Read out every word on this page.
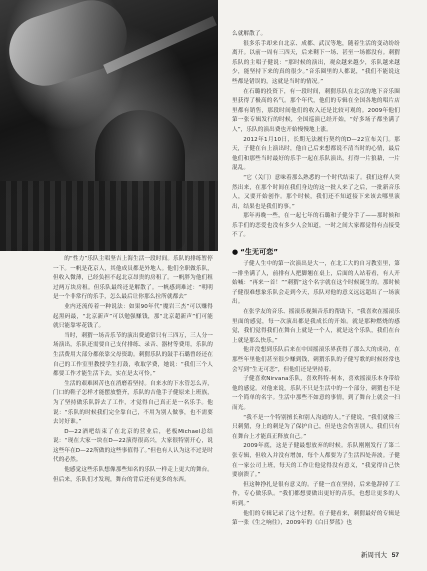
的“性力”乐队主唱坚吉上海生活一段时间。乐队的排练暂停一下。一帆是花京人，其他成员都是外地人。他们全职做乐队，但收入微薄，已经负担不起北京昂贵的房租了。一帆胖为他们租过两万块房租。但乐队最终还是解散了。一帆感到难过：“明明是一个非常行的乐手，怎么最后让你那么拉所就都去”

业内还流传着一种说法：如果90年代“魔岩三杰”可以赚得起黑码最，“北京新声”可以勉强赚钱，那“北京超新声”们可能就只能靠零花钱了。

当时，刺猬一场音乐节的演出费通常只有三四万，三人分一场演出，乐队还需要自己支付排练、录音、器材等费用，乐队的生活费用大部分都依靠父母资助。刺猬乐队的鼓手石璐曾经还在自己的工作室里教授学生打鼓，收取学费，她说：“我们三个人都要工作才能生活下去，实在是太可怜。”

生活的艰难困苦也在消磨着坚持。自来水的下水管怎么弄，门口的鞋子怎样才能摆放整齐，乐队的吉他手子健原来上班族，为了坚持做乐队辞去了工作，才觉得自己真正是一名乐手。他说：“乐队的时候我们完全靠自己，不用为别人做事，也不需要去讨好谁。”

D—22酒吧结束了在北京的营业后，老板Michael总结说：“现在大家一块在D—22演得很高兴，大家很特别开心，说这些年在D—22所做的这些事值得了。”但也有人认为这不过是时代的必然。

他感觉这些乐队想像那些知名的乐队一样走上更大的舞台。但后来，乐队们才发现，舞台的背后还有更多的东西。

么就解散了。

很多乐手却来自北京、成都、武汉等地，随着生活的变动纷纷离开。以前一周有三四天，后来剩下一场、甚至一场都没有。刺猬乐队的主唱子健说：“那时候的演出，观众越来越少，乐队越来越少，能坚持下来的真的很少。”音乐圈里的人都说，“我们不能说这些都是错误的，这就是当时的情况。”

在石璐的投资下，有一段时间，刺猬乐队在北京的地下音乐圈里获得了极高的名气。那个年代，他们的专辑在全国各地的唱片店里都有销售，那段时间他们的收入还是比较可观的。2009年他们第一张专辑发行的时候，全国巡演已经开始，“好多场子都坐满了人”，乐队的演出费也开始慢慢地上涨。

2012年1月10日，长期无法履行契约的D—22宣布关门。那天，子健在台上演出时，他自己后来想都说不清当时的心情，最后他们和那些当时最好的乐手一起在乐队演出，打得一片狼藉，一片混乱。

“它（关门）意味着那么熟悉的一个时代结束了。我们这样人突然出来，在那个时间在我们身边的这一批人来了之后，一批新音乐人，又要开始创作。那个时候，我们还不知道接下来该去哪里演出，结果也是我们的事。”

那年再晚一些，在一起七年的石璐和子健分手了——那时候和乐手们的恋爱也没有多少人会知道，一时之间大家都觉得有点接受不了。

● “生无可恋”

子健人生中的第一次演出是大一，在北工大的自习教室里，第一排坐满了人，前排有人把脚翘在桌上，后面的人站着看，有人开始喊：“再来一首！”“刺猬”这个名字就在这个时候诞生的。那时候子健很难想象乐队会走到今天，乐队对他的意义远远超出了一场演出。

在张学友的音乐、摇滚乐视频音乐的帮助下，“我喜欢在摇滚乐里面的感觉，每一次演出都是我成长的开始。就是那种燃烧的感觉，我们觉得我们在舞台上就是一个人，就是这个乐队，我们在台上就是那么快乐。”

他并没想到乐队后来在中国摇滚乐界获得了那么大的成功，在那些年里他们甚至很少赚到钱，刺猬乐队的子健写歌的时候经常也会写到“生无可恋”，但他们还是坚持着。

子健喜欢Nirvana乐队，喜欢科特·柯本，喜欢摇滚乐本身带给他的感觉。对他来说，乐队不只是生活中的一个部分，刺猬也不是一个简单的名字。生活中那些不如意的事情，到了舞台上就会一扫而光。

“我不是一个特别擅长和别人沟通的人。”子健说，“我们就像三只刺猬，身上的刺是为了保护自己，但是也会伤害别人，我们只有在舞台上才能真正释放自己。”

2009年底，这是子健最想放弃的时候。乐队刚刚发行了第二张专辑，但收入并没有增加，每个人都要为了生活四处奔波。子健在一家公司上班，每天的工作让他觉得没有意义，“我觉得自己快要崩溃了。”

但这种挣扎是很有意义的。子健一直在坚持，后来他辞掉了工作，专心做乐队。“我们都想要做出更好的音乐，也想让更多的人听到。”

他们的专辑记录了这个过程。在子健看来，刺猬最好的专辑是第一张《生之响往》，2009年的《白日梦蓝》也

新周刊大 57
